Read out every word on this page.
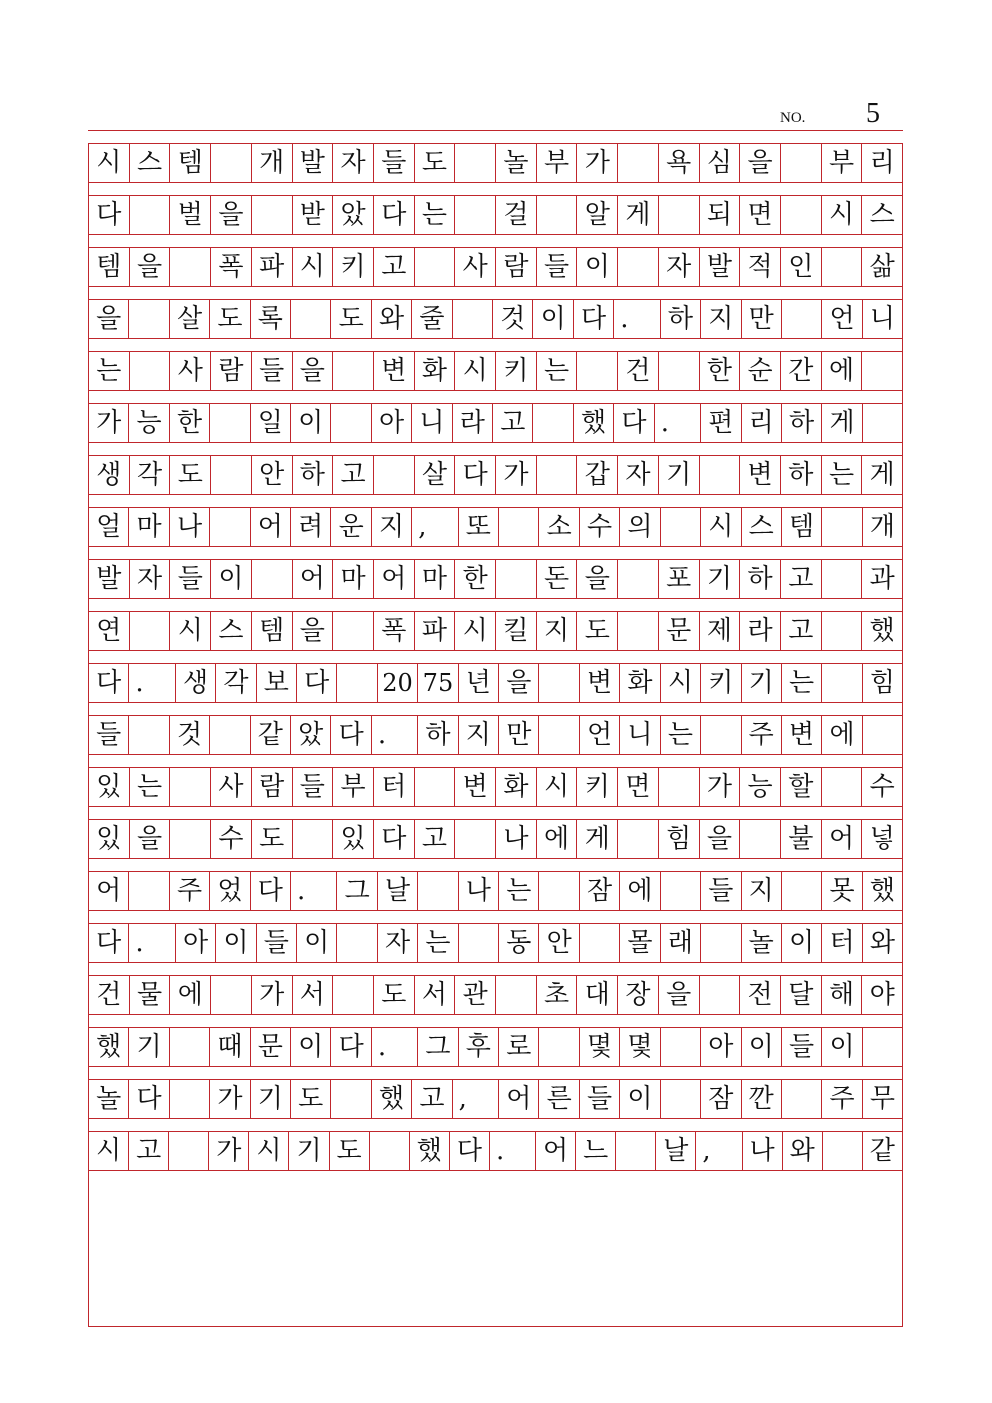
NO. 5
시 스 템	개 발 자 들 도	놀 부 가	욕 심 을	부 리
다	벌 을	받 았 다 는	걸	알 게	되 면	시 스
템 을	폭 파 시 키 고	사 람 들 이	자 발 적 인	삶
을	살 도 록	도 와 줄	것 이 다 .	하 지 만	언 니
는	사 람 들 을	변 화 시 키 는	건	한 순 간 에
가 능 한	일 이	아 니 라 고	했 다 .	편 리 하 게
생 각 도	안 하 고	살 다 가	갑 자 기	변 하 는 게
얼 마 나	어 려 운 지 ,	또	소 수 의	시 스 템	개
발 자 들 이	어 마 어 마 한	돈 을	포 기 하 고	과
연	시 스 템 을	폭 파 시 킬 지 도	문 제 라 고	했
다 .	생 각 보 다 20 75 년 을	변 화 시 키 기 는	힘
들	것	같 았 다 .	하 지 만	언 니 는	주 변 에
있 는	사 람 들 부 터	변 화 시 키 면	가 능 할	수
있 을	수 도	있 다 고	나 에 게	힘 을	불 어 넣
어	주 었 다 .	그 날	나 는	잠 에	들 지	못 했
다 .	아 이 들 이	자 는	동 안	몰 래	놀 이 터 와
건 물 에	가 서	도 서 관	초 대 장 을	전 달 해 야
했 기	때 문 이 다 .	그 후 로	몇 몇	아 이 들 이
놀 다	가 기 도	했 고 ,	어 른 들 이	잠 깐	주 무
시 고	가 시 기 도	했 다 .	어 느	날 ,	나 와	같
